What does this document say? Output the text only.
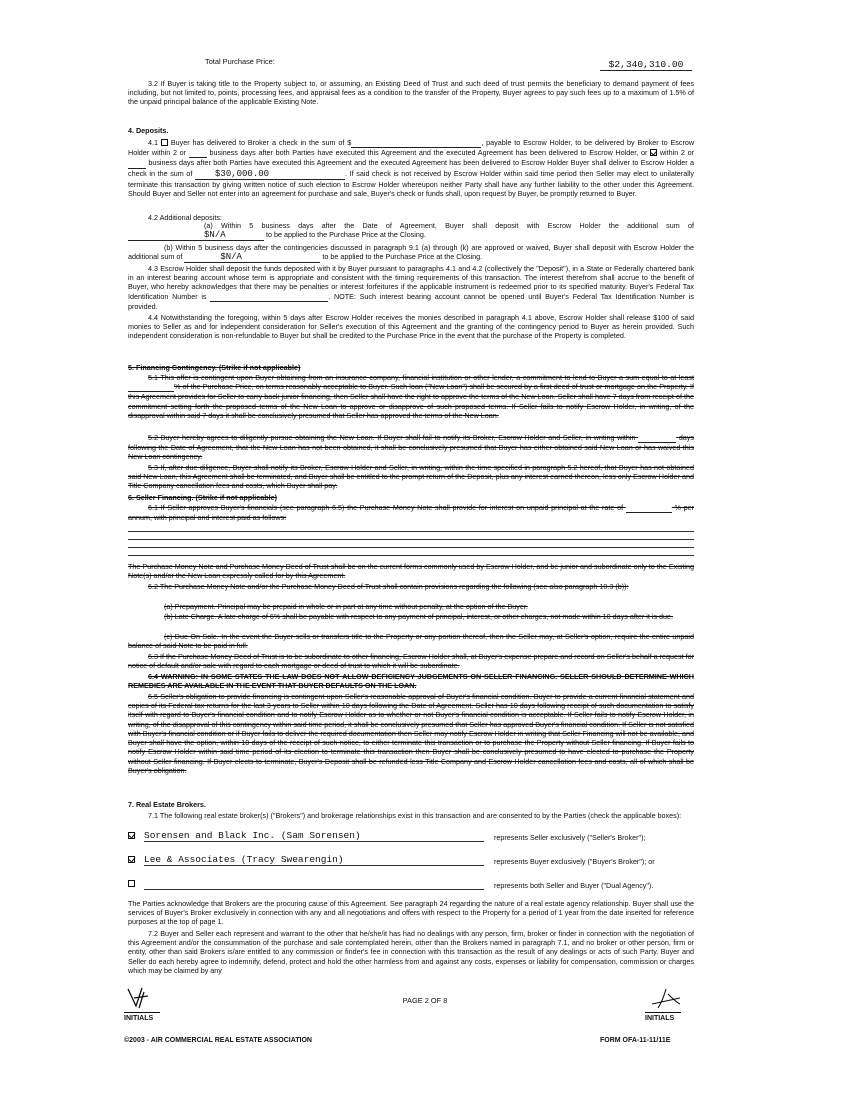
Total Purchase Price:	$2,340,310.00

3.2 If Buyer is taking title to the Property subject to, or assuming, an Existing Deed of Trust and such deed of trust permits the beneficiary to demand payment of fees including, but not limited to, points, processing fees, and appraisal fees as a condition to the transfer of the Property, Buyer agrees to pay such fees up to a maximum of 1.5% of the unpaid principal balance of the applicable Existing Note.

4. Deposits.

4.1 Buyer has delivered to Broker a check in the sum of $	, payable to Escrow Holder, to be delivered by Broker to Escrow Holder within 2 or	business days after both Parties have executed this Agreement and the executed Agreement has been delivered to Escrow Holder, or within 2 or   business days after both Parties have executed this Agreement and the executed Agreement has been delivered to Escrow Holder Buyer shall deliver to Escrow Holder a check in the sum of	$30,000.00	. If said check is not received by Escrow Holder within said time period then Seller may elect to unilaterally terminate this transaction by giving written notice of such election to Escrow Holder whereupon neither Party shall have any further liability to the other under this Agreement. Should Buyer and Seller not enter into an agreement for purchase and sale, Buyer's check or funds shall, upon request by Buyer, be promptly returned to Buyer.

4.2 Additional deposits:

(a) Within 5 business days after the Date of Agreement, Buyer shall deposit with Escrow Holder the additional sum of $N/A	to be applied to the Purchase Price at the Closing.

(b) Within 5 business days after the contingencies discussed in paragraph 9.1 (a) through (k) are approved or waived, Buyer shall deposit with Escrow Holder the additional sum of	$N/A	to be applied to the Purchase Price at the Closing.

4.3 Escrow Holder shall deposit the funds deposited with it by Buyer pursuant to paragraphs 4.1 and 4.2 (collectively the "Deposit"), in a State or Federally chartered bank in an interest bearing account whose term is appropriate and consistent with the timing requirements of this transaction. The interest therefrom shall accrue to the benefit of Buyer, who hereby acknowledges that there may be penalties or interest forfeitures if the applicable instrument is redeemed prior to its specified maturity. Buyer's Federal Tax Identification Number is	. NOTE: Such interest bearing account cannot be opened until Buyer's Federal Tax Identification Number is provided.

4.4 Notwithstanding the foregoing, within 5 days after Escrow Holder receives the monies described in paragraph 4.1 above, Escrow Holder shall release $100 of said monies to Seller as and for independent consideration for Seller's execution of this Agreement and the granting of the contingency period to Buyer as herein provided. Such independent consideration is non-refundable to Buyer but shall be credited to the Purchase Price in the event that the purchase of the Property is completed.

5. Financing Contingency. (Strike if not applicable)

5.1 This offer is contingent upon Buyer obtaining from an insurance company, financial institution or other lender, a commitment to lend to Buyer a sum equal to at least  % of the Purchase Price, on terms reasonably acceptable to Buyer. Such loan ("New Loan") shall be secured by a first deed of trust or mortgage on the Property. If this Agreement provides for Seller to carry back junior financing, then Seller shall have the right to approve the terms of the New Loan. Seller shall have 7 days from receipt of the commitment setting forth the proposed terms of the New Loan to approve or disapprove of such proposed terms. If Seller fails to notify Escrow Holder, in writing, of the disapproval within said 7 days it shall be conclusively presumed that Seller has approved the terms of the New Loan.

5.2 Buyer hereby agrees to diligently pursue obtaining the New Loan. If Buyer shall fail to notify its Broker, Escrow Holder and Seller, in writing within	days following the Date of Agreement, that the New Loan has not been obtained, it shall be conclusively presumed that Buyer has either obtained said New Loan or has waived this New Loan contingency.

5.3 If, after due diligence, Buyer shall notify its Broker, Escrow Holder and Seller, in writing, within the time specified in paragraph 5.2 hereof, that Buyer has not obtained said New Loan, this Agreement shall be terminated, and Buyer shall be entitled to the prompt return of the Deposit, plus any interest earned thereon, less only Escrow Holder and Title Company cancellation fees and costs, which Buyer shall pay.

6. Seller Financing. (Strike if not applicable)

6.1 If Seller approves Buyer's financials (see paragraph 6.5) the Purchase Money Note shall provide for interest on unpaid principal at the rate of	% per annum, with principal and interest paid as follows:

The Purchase Money Note and Purchase Money Deed of Trust shall be on the current forms commonly used by Escrow Holder, and be junior and subordinate only to the Existing Note(s) and/or the New Loan expressly called for by this Agreement.

6.2 The Purchase Money Note and/or the Purchase Money Deed of Trust shall contain provisions regarding the following (see also paragraph 10.3 (b)):

(a) Prepayment. Principal may be prepaid in whole or in part at any time without penalty, at the option of the Buyer.

(b) Late Charge. A late charge of 6% shall be payable with respect to any payment of principal, interest, or other charges, not made within 10 days after it is due.

(c) Due On Sale. In the event the Buyer sells or transfers title to the Property or any portion thereof, then the Seller may, at Seller's option, require the entire unpaid balance of said Note to be paid in full.

6.3 If the Purchase Money Deed of Trust is to be subordinate to other financing, Escrow Holder shall, at Buyer's expense prepare and record on Seller's behalf a request for notice of default and/or sale with regard to each mortgage or deed of trust to which it will be subordinate.

6.4 WARNING: IN SOME STATES THE LAW DOES NOT ALLOW DEFICIENCY JUDGEMENTS ON SELLER FINANCING. SELLER SHOULD DETERMINE WHICH REMEDIES ARE AVAILABLE IN THE EVENT THAT BUYER DEFAULTS ON THE LOAN.

6.5 Seller's obligation to provide financing is contingent upon Seller's reasonable approval of Buyer's financial condition. Buyer to provide a current financial statement and copies of its Federal tax returns for the last 3 years to Seller within 10 days following the Date of Agreement. Seller has 10 days following receipt of such documentation to satisfy itself with regard to Buyer's financial condition and to notify Escrow Holder as to whether or not Buyer's financial condition is acceptable. If Seller fails to notify Escrow Holder, in writing, of the disapproval of this contingency within said time period, it shall be conclusively presumed that Seller has approved Buyer's financial condition. If Seller is not satisfied with Buyer's financial condition or if Buyer fails to deliver the required documentation then Seller may notify Escrow Holder in writing that Seller Financing will not be available, and Buyer shall have the option, within 10 days of the receipt of such notice, to either terminate this transaction or to purchase the Property without Seller financing. If Buyer fails to notify Escrow Holder within said time period of its election to terminate this transaction then Buyer shall be conclusively presumed to have elected to purchase the Property without Seller financing. If Buyer elects to terminate, Buyer's Deposit shall be refunded less Title Company and Escrow Holder cancellation fees and costs, all of which shall be Buyer's obligation.

7. Real Estate Brokers.

7.1 The following real estate broker(s) ("Brokers") and brokerage relationships exist in this transaction and are consented to by the Parties (check the applicable boxes):

Sorensen and Black Inc. (Sam Sorensen)	represents Seller exclusively ("Seller's Broker");
Lee & Associates (Tracy Swearengin)	represents Buyer exclusively ("Buyer's Broker"); or
represents both Seller and Buyer ("Dual Agency").

The Parties acknowledge that Brokers are the procuring cause of this Agreement. See paragraph 24 regarding the nature of a real estate agency relationship. Buyer shall use the services of Buyer's Broker exclusively in connection with any and all negotiations and offers with respect to the Property for a period of 1 year from the date inserted for reference purposes at the top of page 1.

7.2 Buyer and Seller each represent and warrant to the other that he/she/it has had no dealings with any person, firm, broker or finder in connection with the negotiation of this Agreement and/or the consummation of the purchase and sale contemplated herein, other than the Brokers named in paragraph 7.1, and no broker or other person, firm or entity, other than said Brokers is/are entitled to any commission or finder's fee in connection with this transaction as the result of any dealings or acts of such Party. Buyer and Seller do each hereby agree to indemnify, defend, protect and hold the other harmless from and against any costs, expenses or liability for compensation, commission or charges which may be claimed by any

INITIALS
PAGE 2 OF 8
INITIALS
©2003 - AIR COMMERCIAL REAL ESTATE ASSOCIATION	FORM OFA-11-11/11E
